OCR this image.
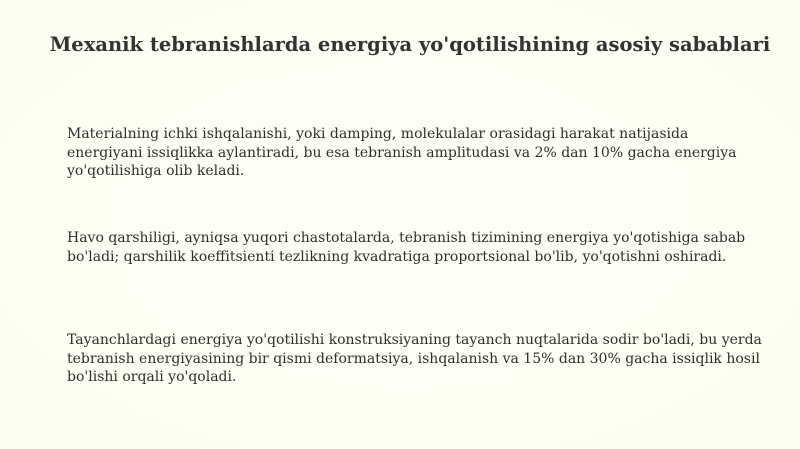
Mexanik tebranishlarda energiya yo'qotilishining asosiy sabablari
Materialning ichki ishqalanishi, yoki damping, molekulalar orasidagi harakat natijasida energiyani issiqlikka aylantiradi, bu esa tebranish amplitudasi va 2% dan 10% gacha energiya yo'qotilishiga olib keladi.
Havo qarshiligi, ayniqsa yuqori chastotalarda, tebranish tizimining energiya yo'qotishiga sabab bo'ladi; qarshilik koeffitsienti tezlikning kvadratiga proportsional bo'lib, yo'qotishni oshiradi.
Tayanchlardagi energiya yo'qotilishi konstruksiyaning tayanch nuqtalarida sodir bo'ladi, bu yerda tebranish energiyasining bir qismi deformatsiya, ishqalanish va 15% dan 30% gacha issiqlik hosil bo'lishi orqali yo'qoladi.
